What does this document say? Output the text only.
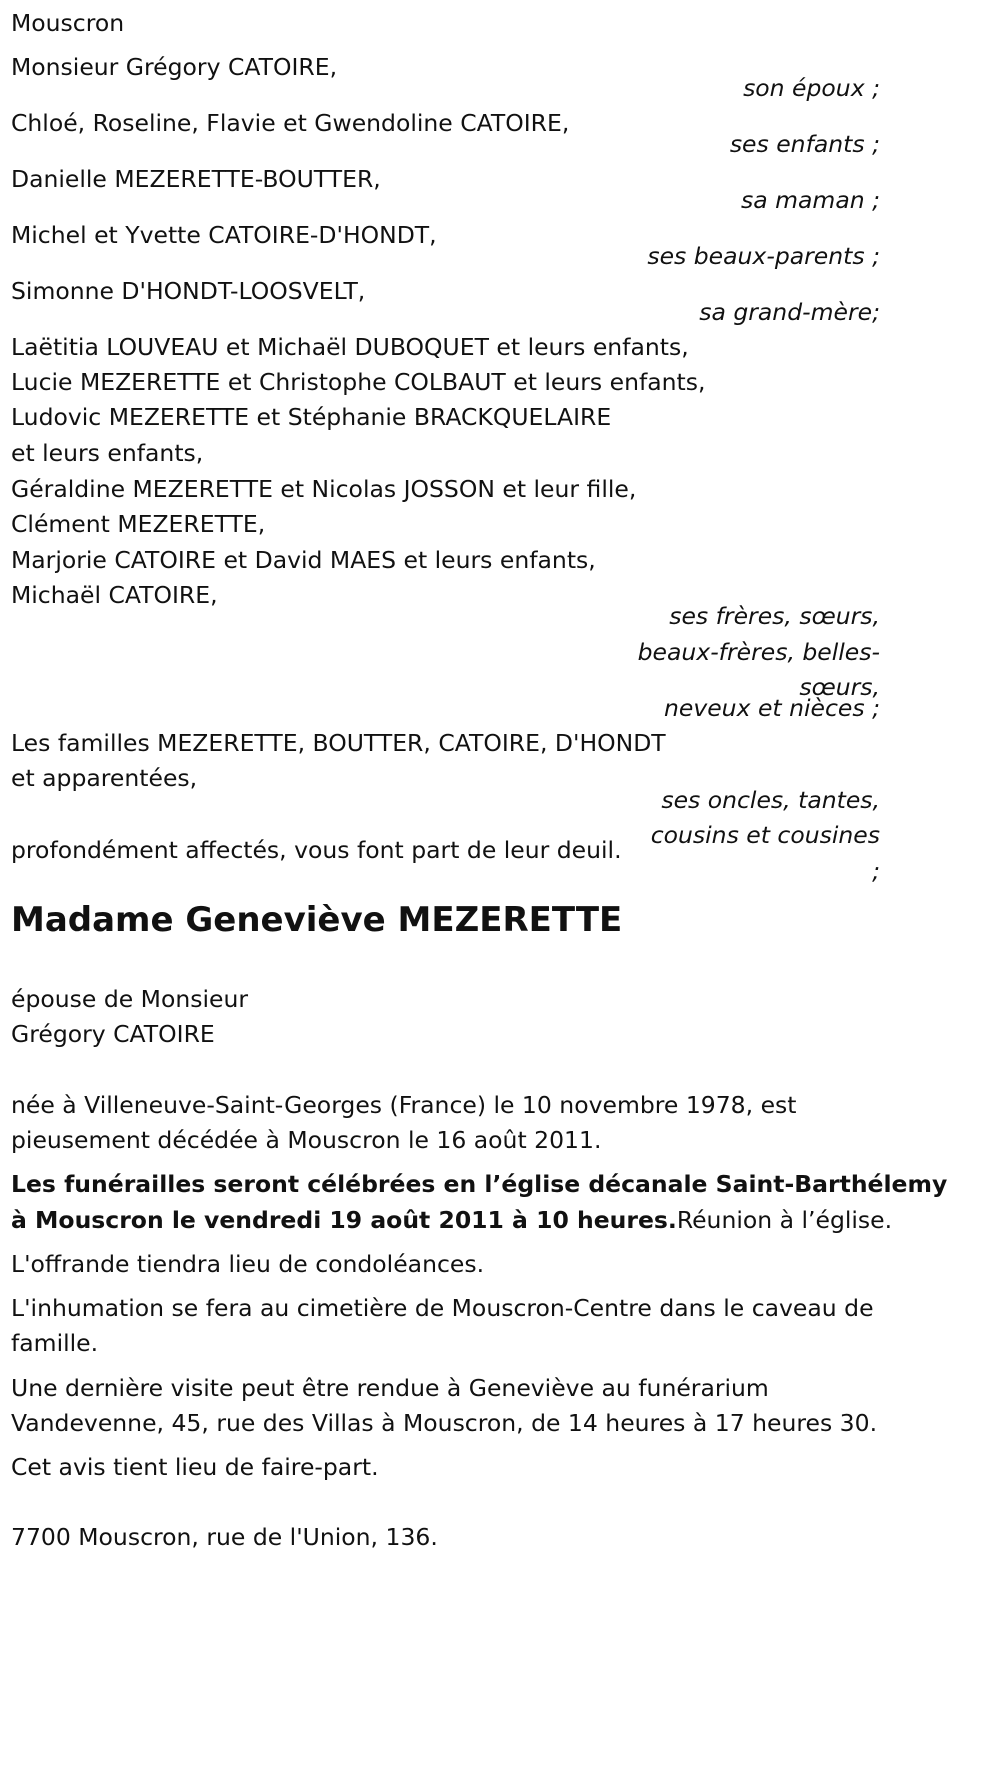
Mouscron
Monsieur Grégory CATOIRE,
son époux ;
Chloé, Roseline, Flavie et Gwendoline CATOIRE,
ses enfants ;
Danielle MEZERETTE-BOUTTER,
sa maman ;
Michel et Yvette CATOIRE-D'HONDT,
ses beaux-parents ;
Simonne D'HONDT-LOOSVELT,
sa grand-mère;
Laëtitia LOUVEAU et Michaël DUBOQUET et leurs enfants,
Lucie MEZERETTE et Christophe COLBAUT et leurs enfants,
Ludovic MEZERETTE et Stéphanie BRACKQUELAIRE
et leurs enfants,
Géraldine MEZERETTE et Nicolas JOSSON et leur fille,
Clément MEZERETTE,
Marjorie CATOIRE et David MAES et leurs enfants,
Michaël CATOIRE,
ses frères, sœurs,
beaux-frères, belles-
sœurs,
neveux et nièces ;
Les familles MEZERETTE, BOUTTER, CATOIRE, D'HONDT
et apparentées,
ses oncles, tantes,
cousins et cousines
;
profondément affectés, vous font part de leur deuil.
Madame Geneviève MEZERETTE
épouse de Monsieur
Grégory CATOIRE
née à Villeneuve-Saint-Georges (France) le 10 novembre 1978, est
pieusement décédée à Mouscron le 16 août 2011.
Les funérailles seront célébrées en l’église décanale Saint-Barthélemy
à Mouscron le vendredi 19 août 2011 à 10 heures.Réunion à l’église.
L'offrande tiendra lieu de condoléances.
L'inhumation se fera au cimetière de Mouscron-Centre dans le caveau de
famille.
Une dernière visite peut être rendue à Geneviève au funérarium
Vandevenne, 45, rue des Villas à Mouscron, de 14 heures à 17 heures 30.
Cet avis tient lieu de faire-part.
7700 Mouscron, rue de l'Union, 136.
